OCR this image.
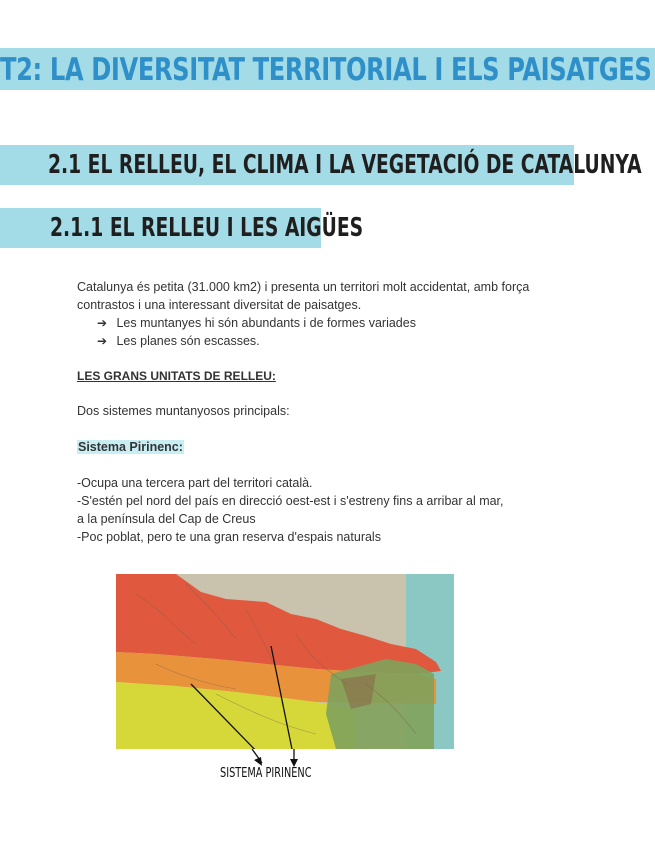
T2: LA DIVERSITAT TERRITORIAL I ELS PAISATGES
2.1 EL RELLEU, EL CLIMA I LA VEGETACIÓ DE CATALUNYA
2.1.1 EL RELLEU I LES AIGÜES
Catalunya és petita (31.000 km2) i presenta un territori molt accidentat, amb força
contrastos i una interessant diversitat de paisatges.
➔ Les muntanyes hi són abundants i de formes variades
➔ Les planes són escasses.
LES GRANS UNITATS DE RELLEU:
Dos sistemes muntanyosos principals:
Sistema Pirinenc:
-Ocupa una tercera part del territori català.
-S'estén pel nord del país en direcció oest-est i s'estreny fins a arribar al mar,
a la península del Cap de Creus
-Poc poblat, pero te una gran reserva d'espais naturals
SISTEMA PIRINENC
